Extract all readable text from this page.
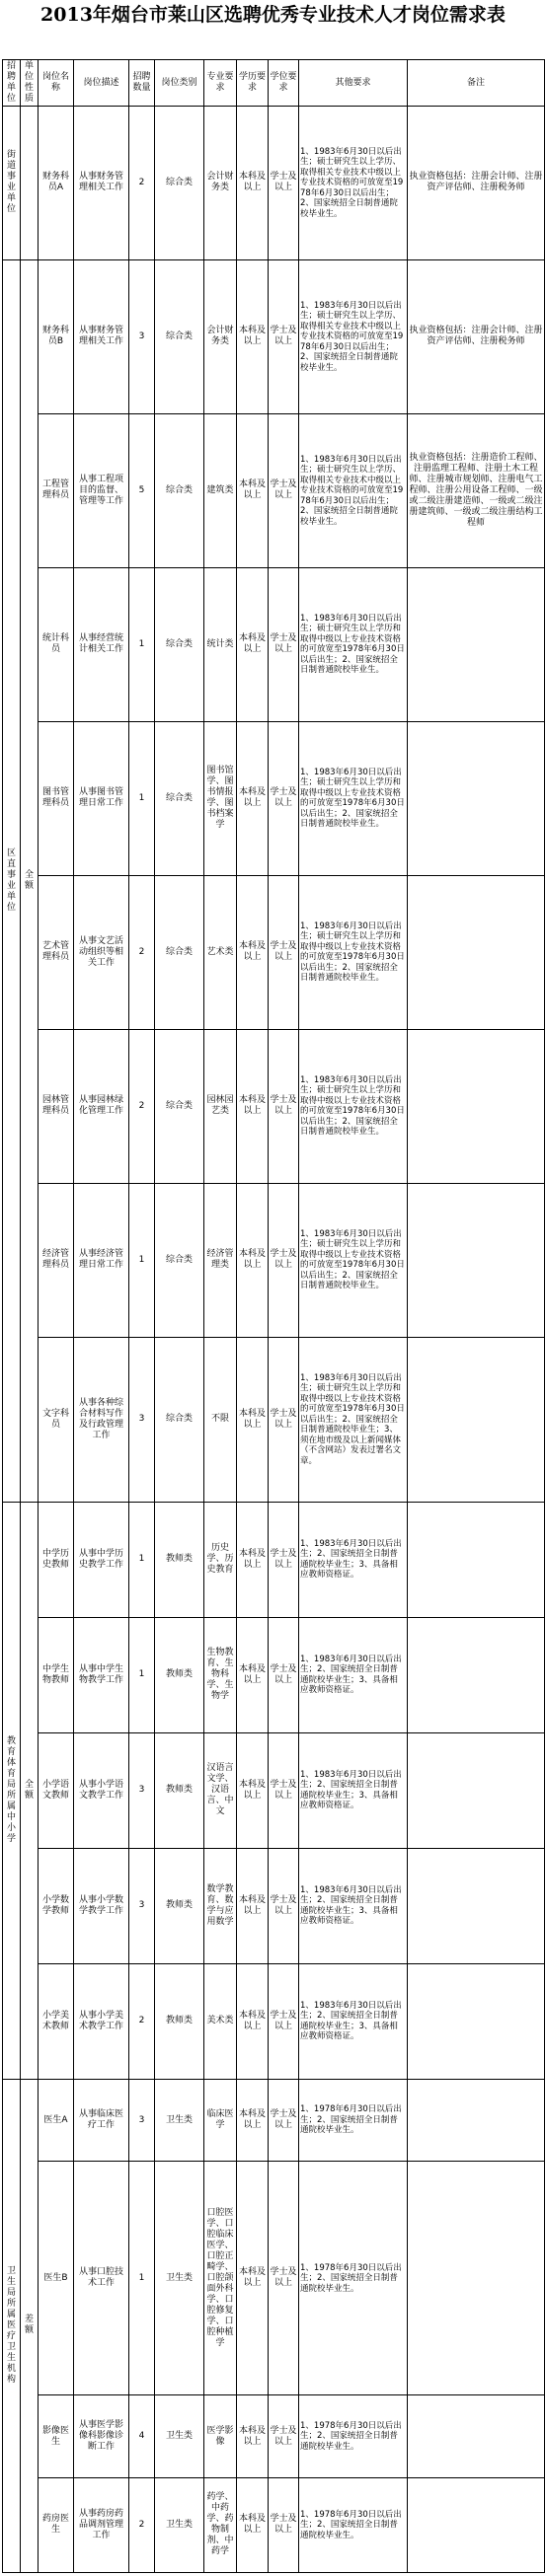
2013年烟台市莱山区选聘优秀专业技术人才岗位需求表
招聘单位	单位性质	岗位名称	岗位描述	招聘数量	岗位类别	专业要求	学历要求	学位要求	其他要求	备注
街道事业单位		财务科员A	从事财务管理相关工作	2	综合类	会计财务类	本科及以上	学士及以上	1、1983年6月30日以后出生；硕士研究生以上学历、取得相关专业技术中级以上专业技术资格的可放宽至1978年6月30日以后出生；2、国家统招全日制普通院校毕业生。	执业资格包括：注册会计师、注册资产评估师、注册税务师
区直事业单位	全额	财务科员B	从事财务管理相关工作	3	综合类	会计财务类	本科及以上	学士及以上	1、1983年6月30日以后出生；硕士研究生以上学历、取得相关专业技术中级以上专业技术资格的可放宽至1978年6月30日以后出生；2、国家统招全日制普通院校毕业生。	执业资格包括：注册会计师、注册资产评估师、注册税务师
		工程管理科员	从事工程项目的监督、管理等工作	5	综合类	建筑类	本科及以上	学士及以上	1、1983年6月30日以后出生；硕士研究生以上学历、取得相关专业技术中级以上专业技术资格的可放宽至1978年6月30日以后出生；2、国家统招全日制普通院校毕业生。	执业资格包括：注册造价工程师、注册监理工程师、注册土木工程师、注册城市规划师、注册电气工程师、注册公用设备工程师、一级或二级注册建造师、一级或二级注册建筑师、一级或二级注册结构工程师
		统计科员	从事经营统计相关工作	1	综合类	统计类	本科及以上	学士及以上	1、1983年6月30日以后出生；硕士研究生以上学历和取得中级以上专业技术资格的可放宽至1978年6月30日以后出生；2、国家统招全日制普通院校毕业生。	
		图书管理科员	从事图书管理日常工作	1	综合类	图书馆学、图书情报学、图书档案学	本科及以上	学士及以上	1、1983年6月30日以后出生；硕士研究生以上学历和取得中级以上专业技术资格的可放宽至1978年6月30日以后出生；2、国家统招全日制普通院校毕业生。	
		艺术管理科员	从事文艺活动组织等相关工作	2	综合类	艺术类	本科及以上	学士及以上	1、1983年6月30日以后出生；硕士研究生以上学历和取得中级以上专业技术资格的可放宽至1978年6月30日以后出生；2、国家统招全日制普通院校毕业生。	
		园林管理科员	从事园林绿化管理工作	2	综合类	园林园艺类	本科及以上	学士及以上	1、1983年6月30日以后出生；硕士研究生以上学历和取得中级以上专业技术资格的可放宽至1978年6月30日以后出生；2、国家统招全日制普通院校毕业生。	
		经济管理科员	从事经济管理日常工作	1	综合类	经济管理类	本科及以上	学士及以上	1、1983年6月30日以后出生；硕士研究生以上学历和取得中级以上专业技术资格的可放宽至1978年6月30日以后出生；2、国家统招全日制普通院校毕业生。	
		文字科员	从事各种综合材料写作及行政管理工作	3	综合类	不限	本科及以上	学士及以上	1、1983年6月30日以后出生；硕士研究生以上学历和取得中级以上专业技术资格的可放宽至1978年6月30日以后出生；2、国家统招全日制普通院校毕业生；3、须在地市级及以上新闻媒体（不含网站）发表过署名文章。	
教育体育局所属中小学	全额	中学历史教师	从事中学历史教学工作	1	教师类	历史学、历史教育	本科及以上	学士及以上	1、1983年6月30日以后出生；2、国家统招全日制普通院校毕业生；3、具备相应教师资格证。	
		中学生物教师	从事中学生物教学工作	1	教师类	生物教育、生物科学、生物学	本科及以上	学士及以上	1、1983年6月30日以后出生；2、国家统招全日制普通院校毕业生；3、具备相应教师资格证。	
		小学语文教师	从事小学语文教学工作	3	教师类	汉语言文学、汉语言、中文	本科及以上	学士及以上	1、1983年6月30日以后出生；2、国家统招全日制普通院校毕业生；3、具备相应教师资格证。	
		小学数学教师	从事小学数学教学工作	3	教师类	数学教育、数学与应用数学	本科及以上	学士及以上	1、1983年6月30日以后出生；2、国家统招全日制普通院校毕业生；3、具备相应教师资格证。	
		小学美术教师	从事小学美术教学工作	2	教师类	美术类	本科及以上	学士及以上	1、1983年6月30日以后出生；2、国家统招全日制普通院校毕业生；3、具备相应教师资格证。	
卫生局所属医疗卫生机构	差额	医生A	从事临床医疗工作	3	卫生类	临床医学	本科及以上	学士及以上	1、1978年6月30日以后出生；2、国家统招全日制普通院校毕业生。	
		医生B	从事口腔技术工作	1	卫生类	口腔医学、口腔临床医学、口腔正畸学、口腔颌面外科学、口腔修复学、口腔种植学	本科及以上	学士及以上	1、1978年6月30日以后出生；2、国家统招全日制普通院校毕业生。	
		影像医生	从事医学影像科影像诊断工作	4	卫生类	医学影像	本科及以上	学士及以上	1、1978年6月30日以后出生；2、国家统招全日制普通院校毕业生。	
		药房医生	从事药房药品调剂管理工作	2	卫生类	药学、中药学、药物制剂、中药学	本科及以上	学士及以上	1、1978年6月30日以后出生；2、国家统招全日制普通院校毕业生。	
